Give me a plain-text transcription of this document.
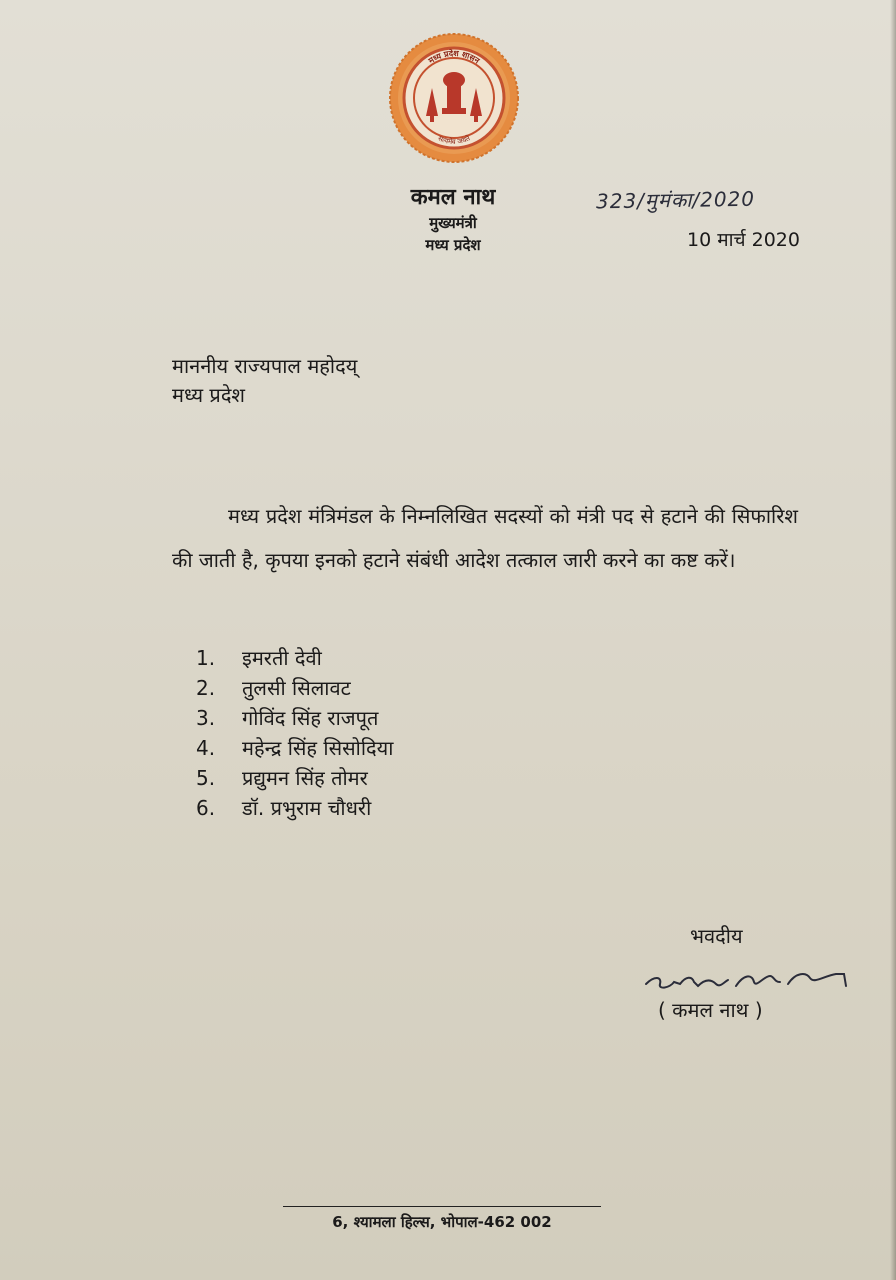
मध्य प्रदेश शासन
सत्यमेव जयते
कमल नाथ
मुख्यमंत्री
मध्य प्रदेश
323/मुमंका/2020
10 मार्च 2020
माननीय राज्यपाल महोदय्
मध्य प्रदेश
मध्य प्रदेश मंत्रिमंडल के निम्नलिखित सदस्यों को मंत्री पद से हटाने की सिफारिश की जाती है, कृपया इनको हटाने संबंधी आदेश तत्काल जारी करने का कष्ट करें।
1. इमरती देवी
2. तुलसी सिलावट
3. गोविंद सिंह राजपूत
4. महेन्द्र सिंह सिसोदिया
5. प्रद्युमन सिंह तोमर
6. डॉ. प्रभुराम चौधरी
भवदीय
( कमल नाथ )
6, श्यामला हिल्स, भोपाल-462 002
